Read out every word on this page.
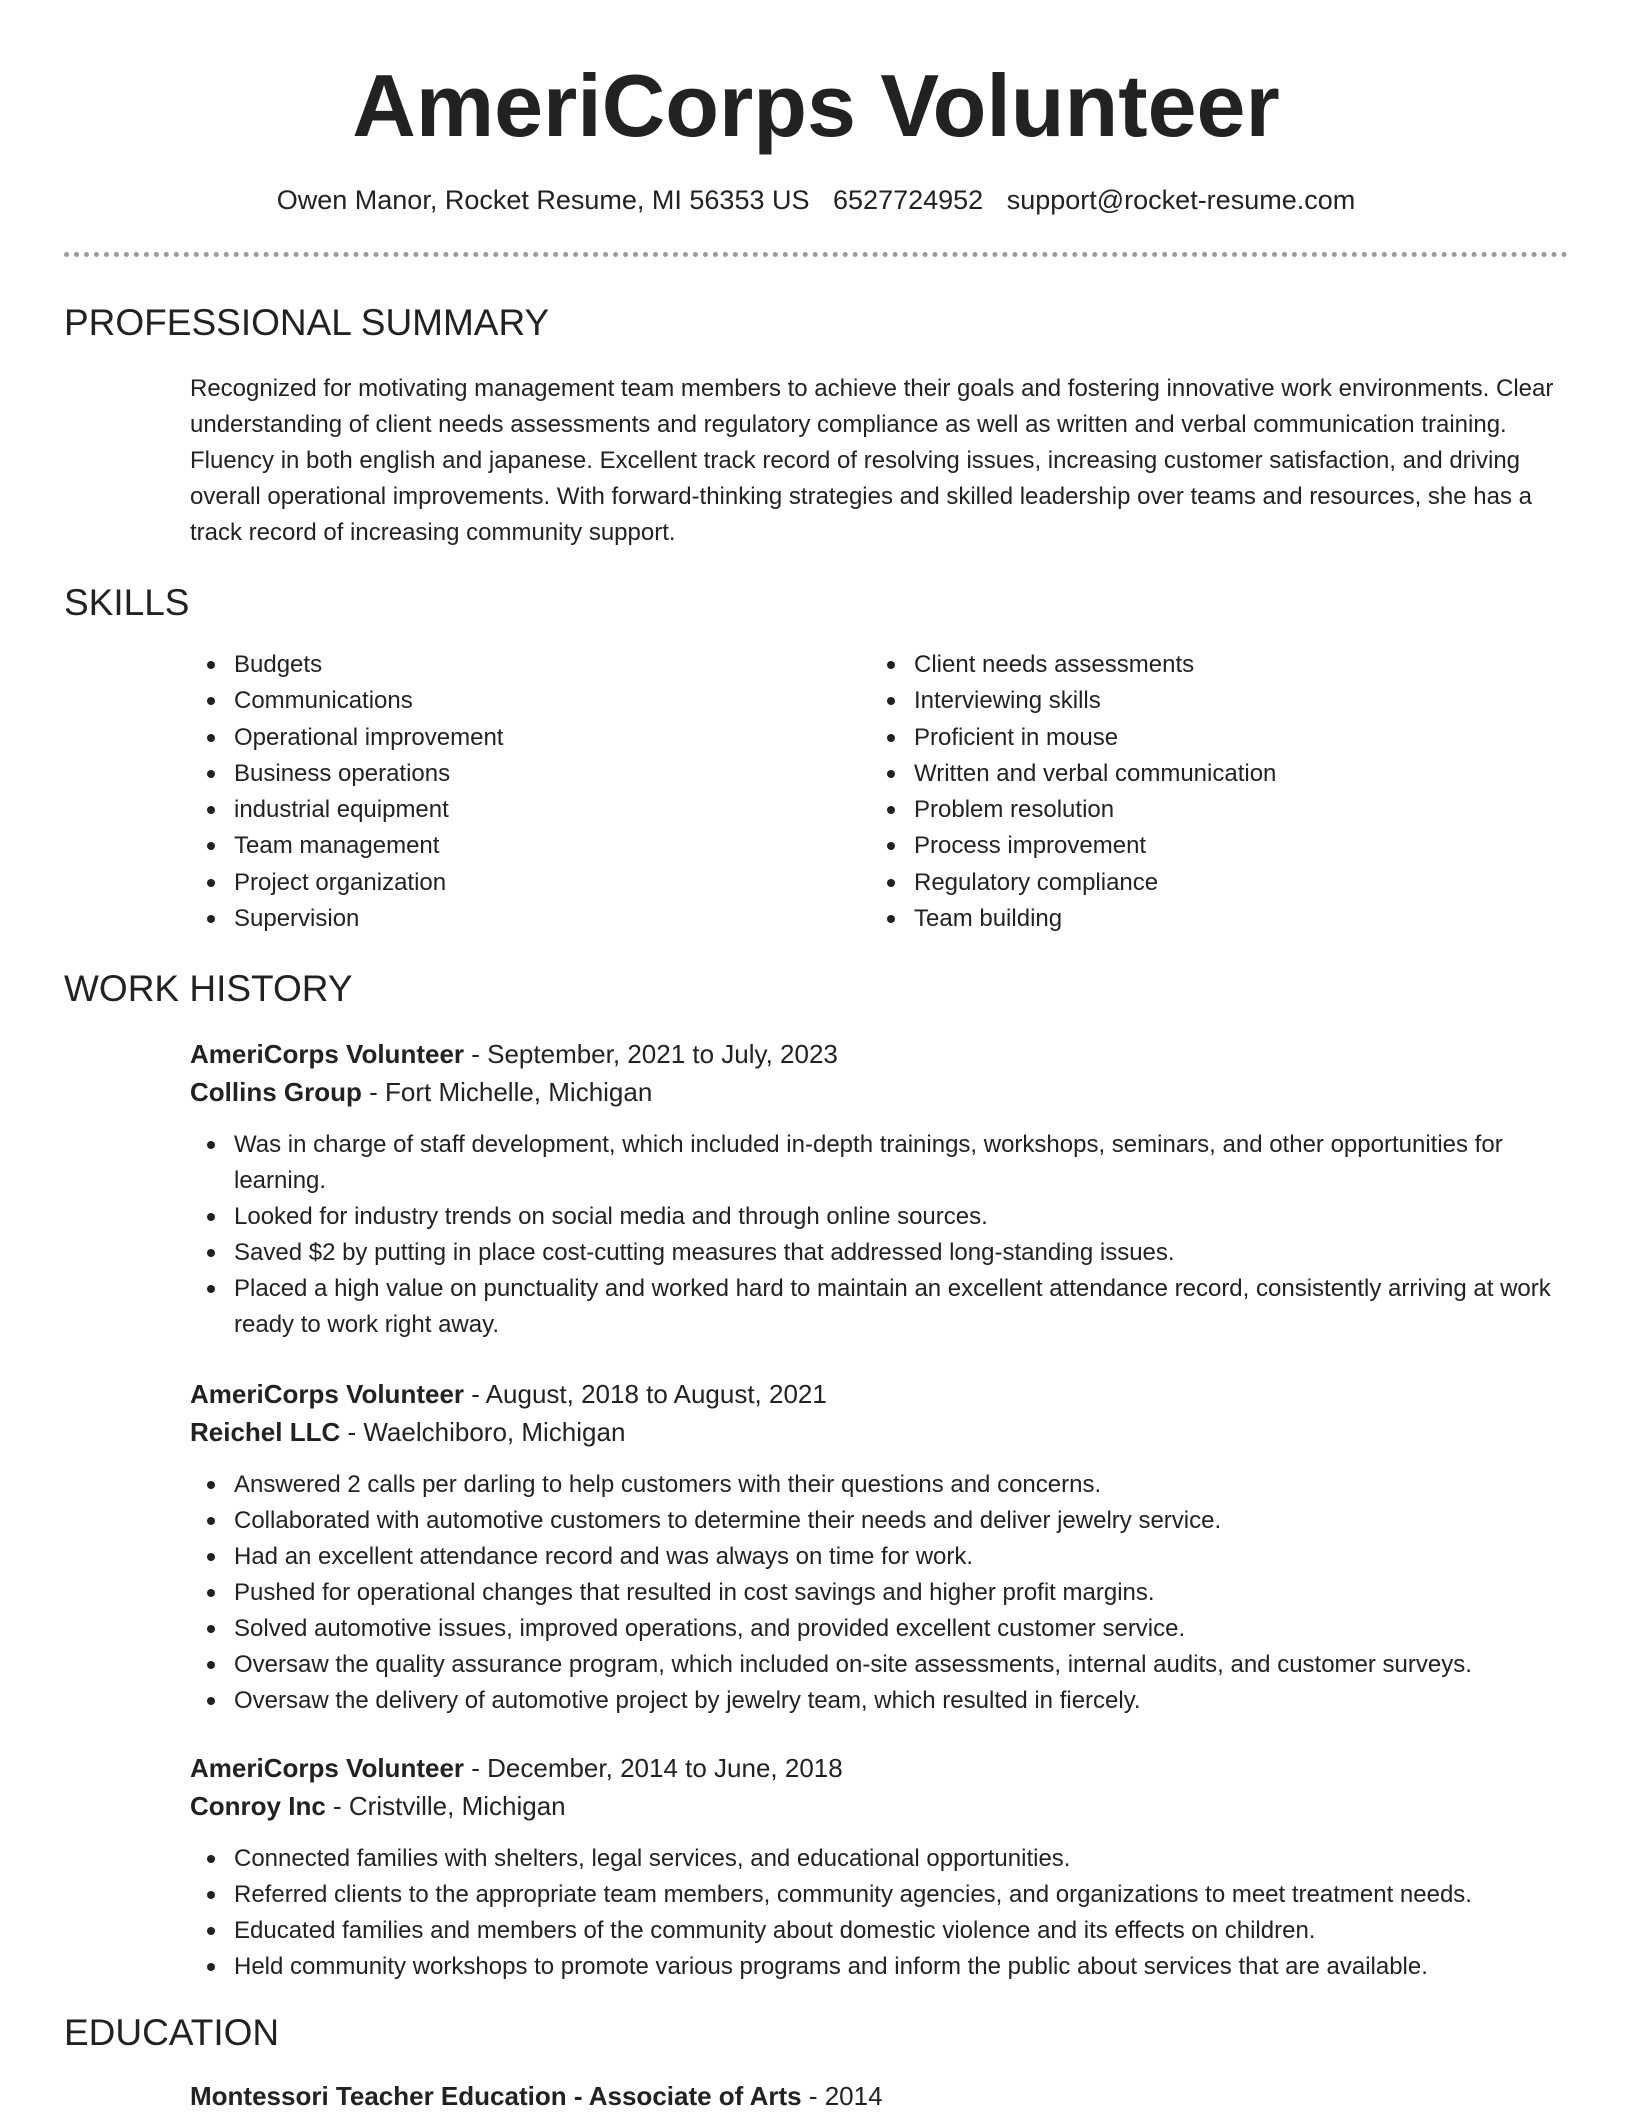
AmeriCorps Volunteer
Owen Manor, Rocket Resume, MI 56353 US 6527724952 support@rocket-resume.com
PROFESSIONAL SUMMARY

Recognized for motivating management team members to achieve their goals and fostering innovative work environments. Clear understanding of client needs assessments and regulatory compliance as well as written and verbal communication training. Fluency in both english and japanese. Excellent track record of resolving issues, increasing customer satisfaction, and driving overall operational improvements. With forward-thinking strategies and skilled leadership over teams and resources, she has a track record of increasing community support.

SKILLS
Budgets
Communications
Operational improvement
Business operations
industrial equipment
Team management
Project organization
Supervision
Client needs assessments
Interviewing skills
Proficient in mouse
Written and verbal communication
Problem resolution
Process improvement
Regulatory compliance
Team building
WORK HISTORY
AmeriCorps Volunteer - September, 2021 to July, 2023
Collins Group - Fort Michelle, Michigan
Was in charge of staff development, which included in-depth trainings, workshops, seminars, and other opportunities for learning.
Looked for industry trends on social media and through online sources.
Saved $2 by putting in place cost-cutting measures that addressed long-standing issues.
Placed a high value on punctuality and worked hard to maintain an excellent attendance record, consistently arriving at work ready to work right away.
AmeriCorps Volunteer - August, 2018 to August, 2021
Reichel LLC - Waelchiboro, Michigan
Answered 2 calls per darling to help customers with their questions and concerns.
Collaborated with automotive customers to determine their needs and deliver jewelry service.
Had an excellent attendance record and was always on time for work.
Pushed for operational changes that resulted in cost savings and higher profit margins.
Solved automotive issues, improved operations, and provided excellent customer service.
Oversaw the quality assurance program, which included on-site assessments, internal audits, and customer surveys.
Oversaw the delivery of automotive project by jewelry team, which resulted in fiercely.
AmeriCorps Volunteer - December, 2014 to June, 2018
Conroy Inc - Cristville, Michigan
Connected families with shelters, legal services, and educational opportunities.
Referred clients to the appropriate team members, community agencies, and organizations to meet treatment needs.
Educated families and members of the community about domestic violence and its effects on children.
Held community workshops to promote various programs and inform the public about services that are available.
EDUCATION
Montessori Teacher Education - Associate of Arts - 2014
